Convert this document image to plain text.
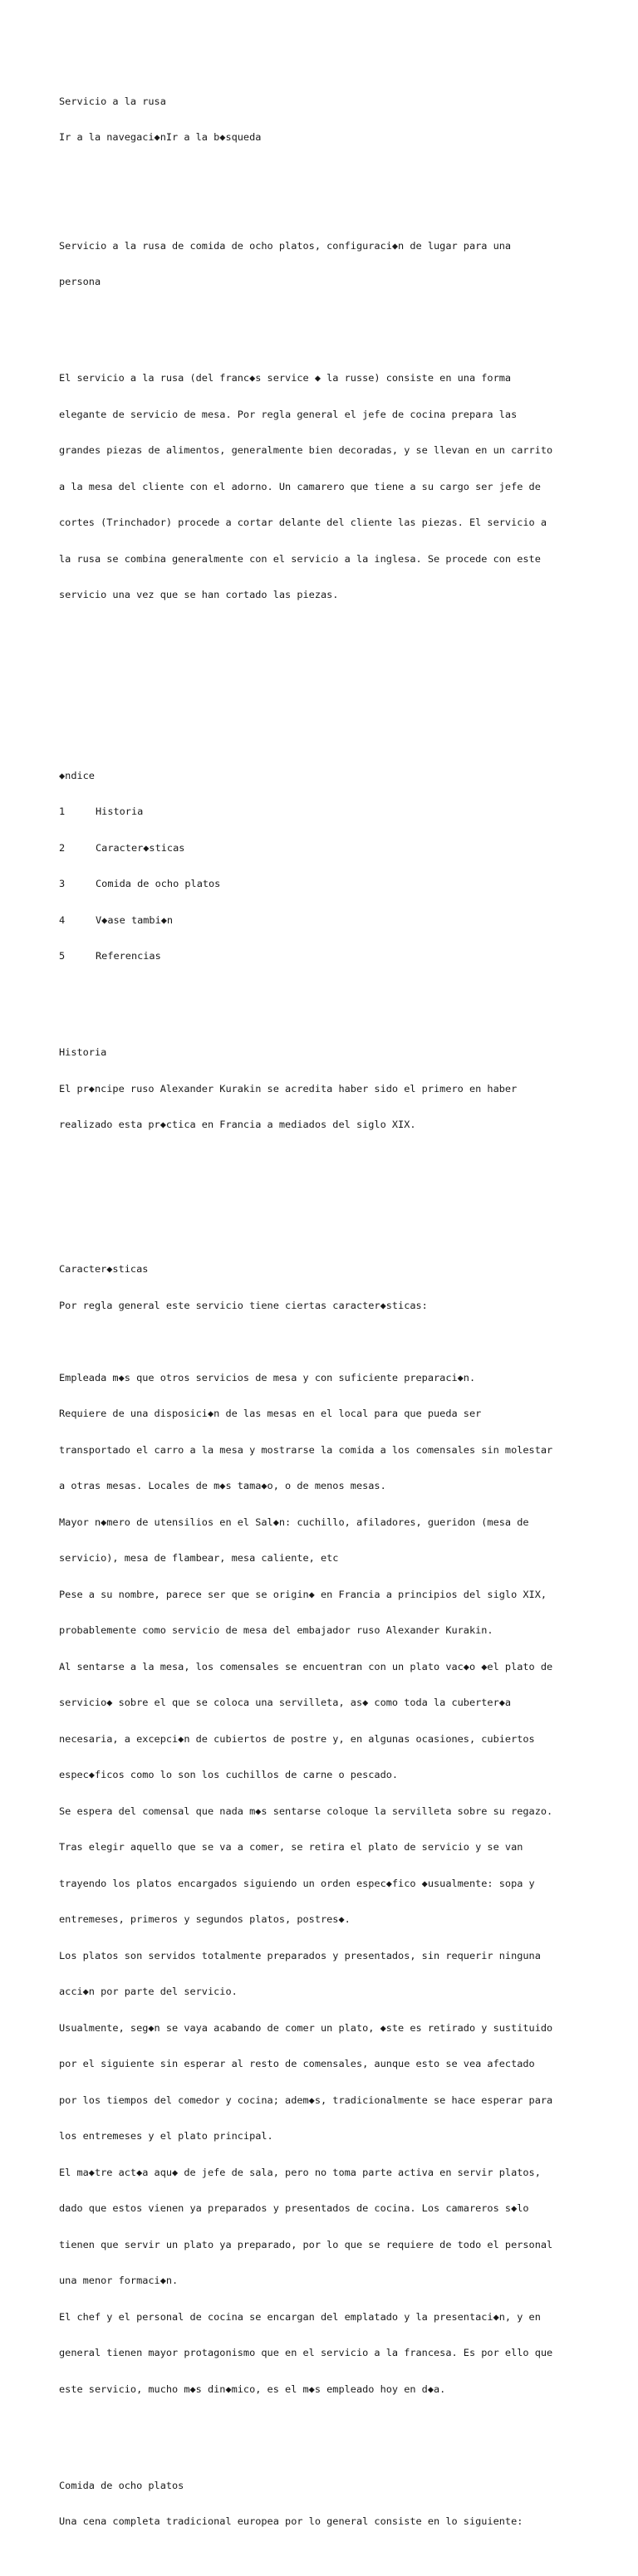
Servicio a la rusa

Ir a la navegaci◆nIr a la b◆squeda

Servicio a la rusa de comida de ocho platos, configuraci◆n de lugar para una

persona

El servicio a la rusa (del franc◆s service ◆ la russe) consiste en una forma

elegante de servicio de mesa. Por regla general el jefe de cocina prepara las

grandes piezas de alimentos, generalmente bien decoradas, y se llevan en un carrito

a la mesa del cliente con el adorno. Un camarero que tiene a su cargo ser jefe de

cortes (Trinchador) procede a cortar delante del cliente las piezas. El servicio a

la rusa se combina generalmente con el servicio a la inglesa. Se procede con este

servicio una vez que se han cortado las piezas.

◆ndice

1	Historia

2	Caracter◆sticas

3	Comida de ocho platos

4	V◆ase tambi◆n

5	Referencias

Historia

El pr◆ncipe ruso Alexander Kurakin se acredita haber sido el primero en haber

realizado esta pr◆ctica en Francia a mediados del siglo XIX.

Caracter◆sticas

Por regla general este servicio tiene ciertas caracter◆sticas:

Empleada m◆s que otros servicios de mesa y con suficiente preparaci◆n.

Requiere de una disposici◆n de las mesas en el local para que pueda ser

transportado el carro a la mesa y mostrarse la comida a los comensales sin molestar

a otras mesas. Locales de m◆s tama◆o, o de menos mesas.

Mayor n◆mero de utensilios en el Sal◆n: cuchillo, afiladores, gueridon (mesa de

servicio), mesa de flambear, mesa caliente, etc

Pese a su nombre, parece ser que se origin◆ en Francia a principios del siglo XIX,

probablemente como servicio de mesa del embajador ruso Alexander Kurakin.

Al sentarse a la mesa, los comensales se encuentran con un plato vac◆o ◆el plato de

servicio◆ sobre el que se coloca una servilleta, as◆ como toda la cuberter◆a

necesaria, a excepci◆n de cubiertos de postre y, en algunas ocasiones, cubiertos

espec◆ficos como lo son los cuchillos de carne o pescado.

Se espera del comensal que nada m◆s sentarse coloque la servilleta sobre su regazo.

Tras elegir aquello que se va a comer, se retira el plato de servicio y se van

trayendo los platos encargados siguiendo un orden espec◆fico ◆usualmente: sopa y

entremeses, primeros y segundos platos, postres◆.

Los platos son servidos totalmente preparados y presentados, sin requerir ninguna

acci◆n por parte del servicio.

Usualmente, seg◆n se vaya acabando de comer un plato, ◆ste es retirado y sustituido

por el siguiente sin esperar al resto de comensales, aunque esto se vea afectado

por los tiempos del comedor y cocina; adem◆s, tradicionalmente se hace esperar para

los entremeses y el plato principal.

El ma◆tre act◆a aqu◆ de jefe de sala, pero no toma parte activa en servir platos,

dado que estos vienen ya preparados y presentados de cocina. Los camareros s◆lo

tienen que servir un plato ya preparado, por lo que se requiere de todo el personal

una menor formaci◆n.

El chef y el personal de cocina se encargan del emplatado y la presentaci◆n, y en

general tienen mayor protagonismo que en el servicio a la francesa. Es por ello que

este servicio, mucho m◆s din◆mico, es el m◆s empleado hoy en d◆a.

Comida de ocho platos

Una cena completa tradicional europea por lo general consiste en lo siguiente:
